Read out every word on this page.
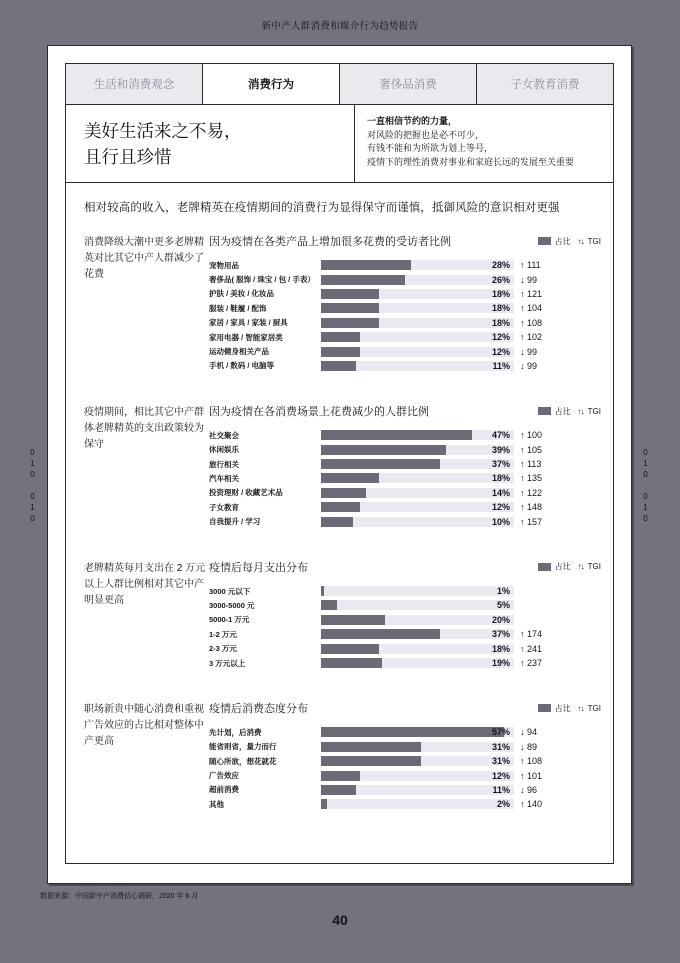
新中产人群消费和媒介行为趋势报告
010 010	010 010
生活和消费观念	消费行为	奢侈品消费	子女教育消费
美好生活来之不易，
且行且珍惜
一直相信节约的力量，
对风险的把握也是必不可少，
有钱不能和为所欲为划上等号，
疫情下的理性消费对事业和家庭长远的发展至关重要
相对较高的收入，老牌精英在疫情期间的消费行为显得保守而谨慎，抵御风险的意识相对更强
消费降级大潮中更多老牌精英对比其它中产人群减少了花费
因为疫情在各类产品上增加很多花费的受访者比例	占比 ↑↓ TGI
宠物用品	28%	↑ 111
奢侈品( 服饰 / 珠宝 / 包 / 手表）	26%	↓ 99
护肤 / 美妆 / 化妆品	18%	↑ 121
服装 / 鞋履 / 配饰	18%	↑ 104
家居 / 家具 / 家装 / 厨具	18%	↑ 108
家用电器 / 智能家居类	12%	↑ 102
运动健身相关产品	12%	↓ 99
手机 / 数码 / 电脑等	11%	↓ 99
疫情期间，相比其它中产群体老牌精英的支出政策较为保守
因为疫情在各消费场景上花费减少的人群比例	占比 ↑↓ TGI
社交聚会	47%	↑ 100
休闲娱乐	39%	↑ 105
旅行相关	37%	↑ 113
汽车相关	18%	↑ 135
投资理财 / 收藏艺术品	14%	↑ 122
子女教育	12%	↑ 148
自我提升 / 学习	10%	↑ 157
老牌精英每月支出在 2 万元以上人群比例相对其它中产明显更高
疫情后每月支出分布	占比 ↑↓ TGI
3000 元以下	1%
3000-5000 元	5%
5000-1 万元	20%
1-2 万元	37%	↑ 174
2-3 万元	18%	↑ 241
3 万元以上	19%	↑ 237
职场新贵中随心消费和重视广告效应的占比相对整体中产更高
疫情后消费态度分布	占比 ↑↓ TGI
先计划，后消费	57%	↓ 94
能省则省，量力而行	31%	↓ 89
随心所欲，想花就花	31%	↑ 108
广告效应	12%	↑ 101
超前消费	11%	↓ 96
其他	2%	↑ 140
数据来源：中国新中产消费信心调研，2020 年 6 月
40
